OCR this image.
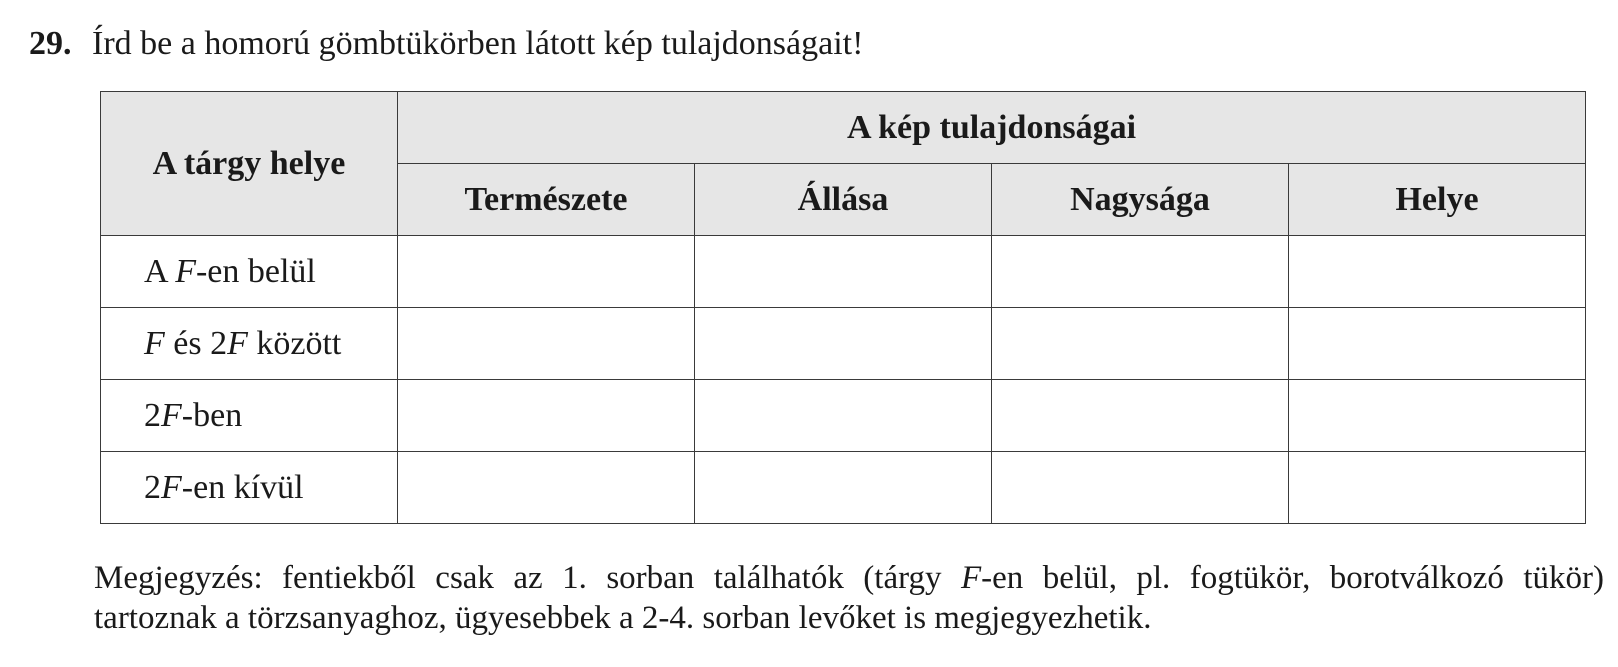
29. Írd be a homorú gömbtükörben látott kép tulajdonságait!
A tárgy helye	A kép tulajdonságai			
	Természete	Állása	Nagysága	Helye
A F-en belül				
F és 2F között				
2F-ben				
2F-en kívül				
Megjegyzés: fentiekből csak az 1. sorban találhatók (tárgy F-en belül, pl. fogtükör, borotválkozó tükör)
tartoznak a törzsanyaghoz, ügyesebbek a 2-4. sorban levőket is megjegyezhetik.
